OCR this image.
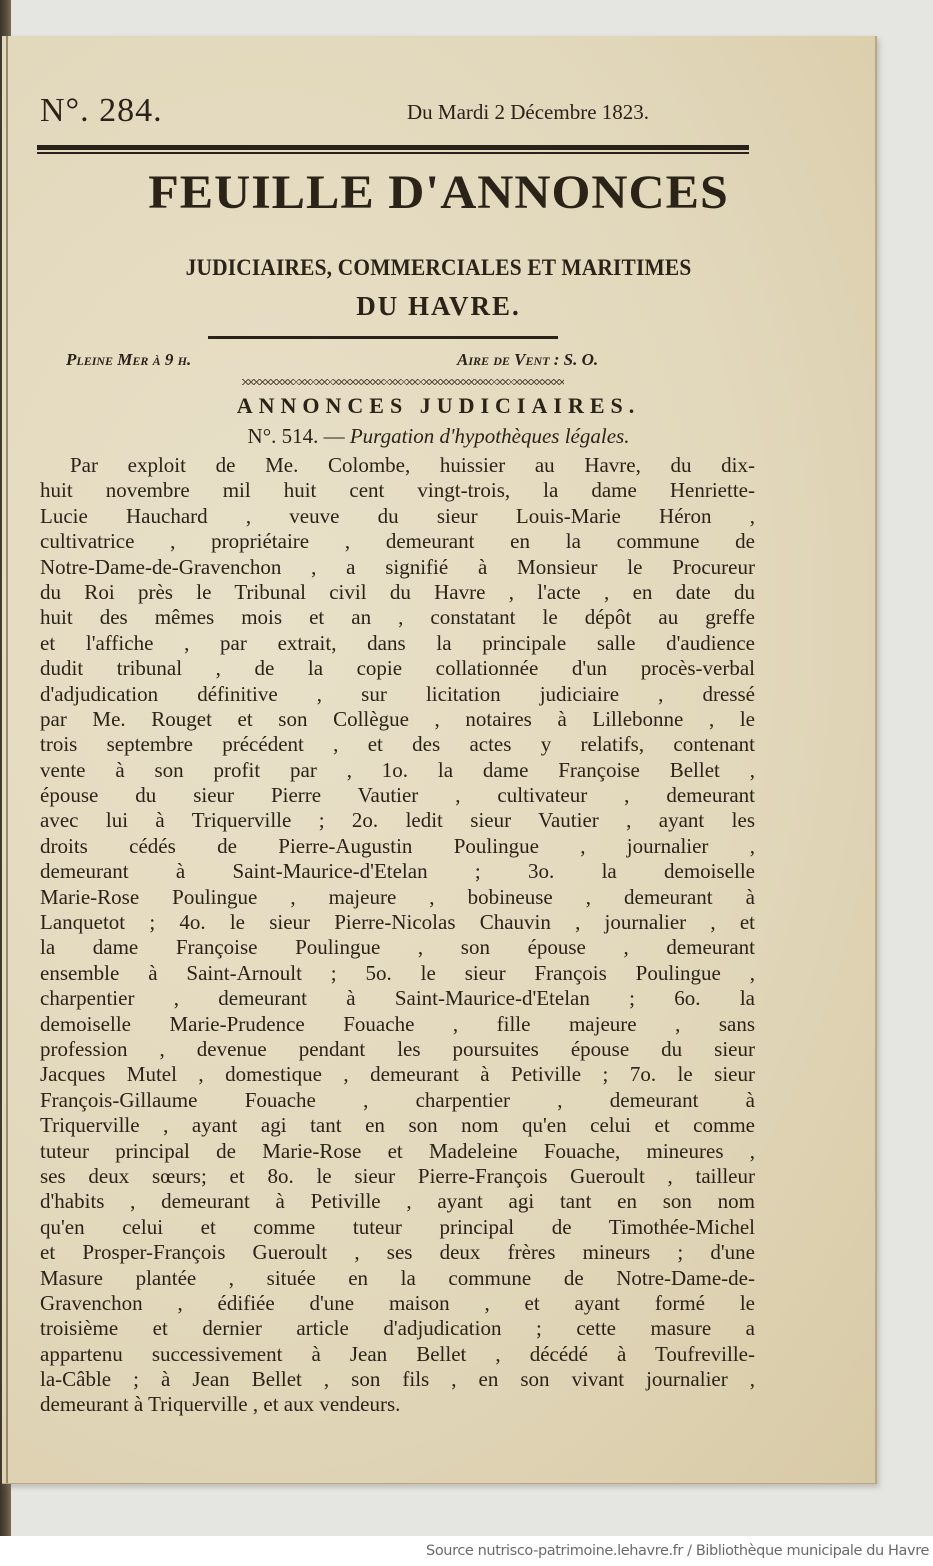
N°. 284.	Du Mardi 2 Décembre 1823.
FEUILLE D'ANNONCES
JUDICIAIRES, COMMERCIALES ET MARITIMES
DU HAVRE.
Pleine Mer à 9 h.	Aire de Vent : S. O.
ANNONCES JUDICIAIRES.
N°. 514. — Purgation d'hypothèques légales.
Par exploit de Me. Colombe, huissier au Havre, du dix-
huit novembre mil huit cent vingt-trois, la dame Henriette-
Lucie Hauchard , veuve du sieur Louis-Marie Héron ,
cultivatrice , propriétaire , demeurant en la commune de
Notre-Dame-de-Gravenchon , a signifié à Monsieur le Procureur
du Roi près le Tribunal civil du Havre , l'acte , en date du
huit des mêmes mois et an , constatant le dépôt au greffe
et l'affiche , par extrait, dans la principale salle d'audience
dudit tribunal , de la copie collationnée d'un procès-verbal
d'adjudication définitive , sur licitation judiciaire , dressé
par Me. Rouget et son Collègue , notaires à Lillebonne , le
trois septembre précédent , et des actes y relatifs, contenant
vente à son profit par , 1o. la dame Françoise Bellet ,
épouse du sieur Pierre Vautier , cultivateur , demeurant
avec lui à Triquerville ; 2o. ledit sieur Vautier , ayant les
droits cédés de Pierre-Augustin Poulingue , journalier ,
demeurant à Saint-Maurice-d'Etelan ; 3o. la demoiselle
Marie-Rose Poulingue , majeure , bobineuse , demeurant à
Lanquetot ; 4o. le sieur Pierre-Nicolas Chauvin , journalier , et
la dame Françoise Poulingue , son épouse , demeurant
ensemble à Saint-Arnoult ; 5o. le sieur François Poulingue ,
charpentier , demeurant à Saint-Maurice-d'Etelan ; 6o. la
demoiselle Marie-Prudence Fouache , fille majeure , sans
profession , devenue pendant les poursuites épouse du sieur
Jacques Mutel , domestique , demeurant à Petiville ; 7o. le sieur
François-Gillaume Fouache , charpentier , demeurant à
Triquerville , ayant agi tant en son nom qu'en celui et comme
tuteur principal de Marie-Rose et Madeleine Fouache, mineures ,
ses deux sœurs; et 8o. le sieur Pierre-François Gueroult , tailleur
d'habits , demeurant à Petiville , ayant agi tant en son nom
qu'en celui et comme tuteur principal de Timothée-Michel
et Prosper-François Gueroult , ses deux frères mineurs ; d'une
Masure plantée , située en la commune de Notre-Dame-de-
Gravenchon , édifiée d'une maison , et ayant formé le
troisième et dernier article d'adjudication ; cette masure a
appartenu successivement à Jean Bellet , décédé à Toufreville-
la-Câble ; à Jean Bellet , son fils , en son vivant journalier ,
demeurant à Triquerville , et aux vendeurs.
Source nutrisco-patrimoine.lehavre.fr / Bibliothèque municipale du Havre
